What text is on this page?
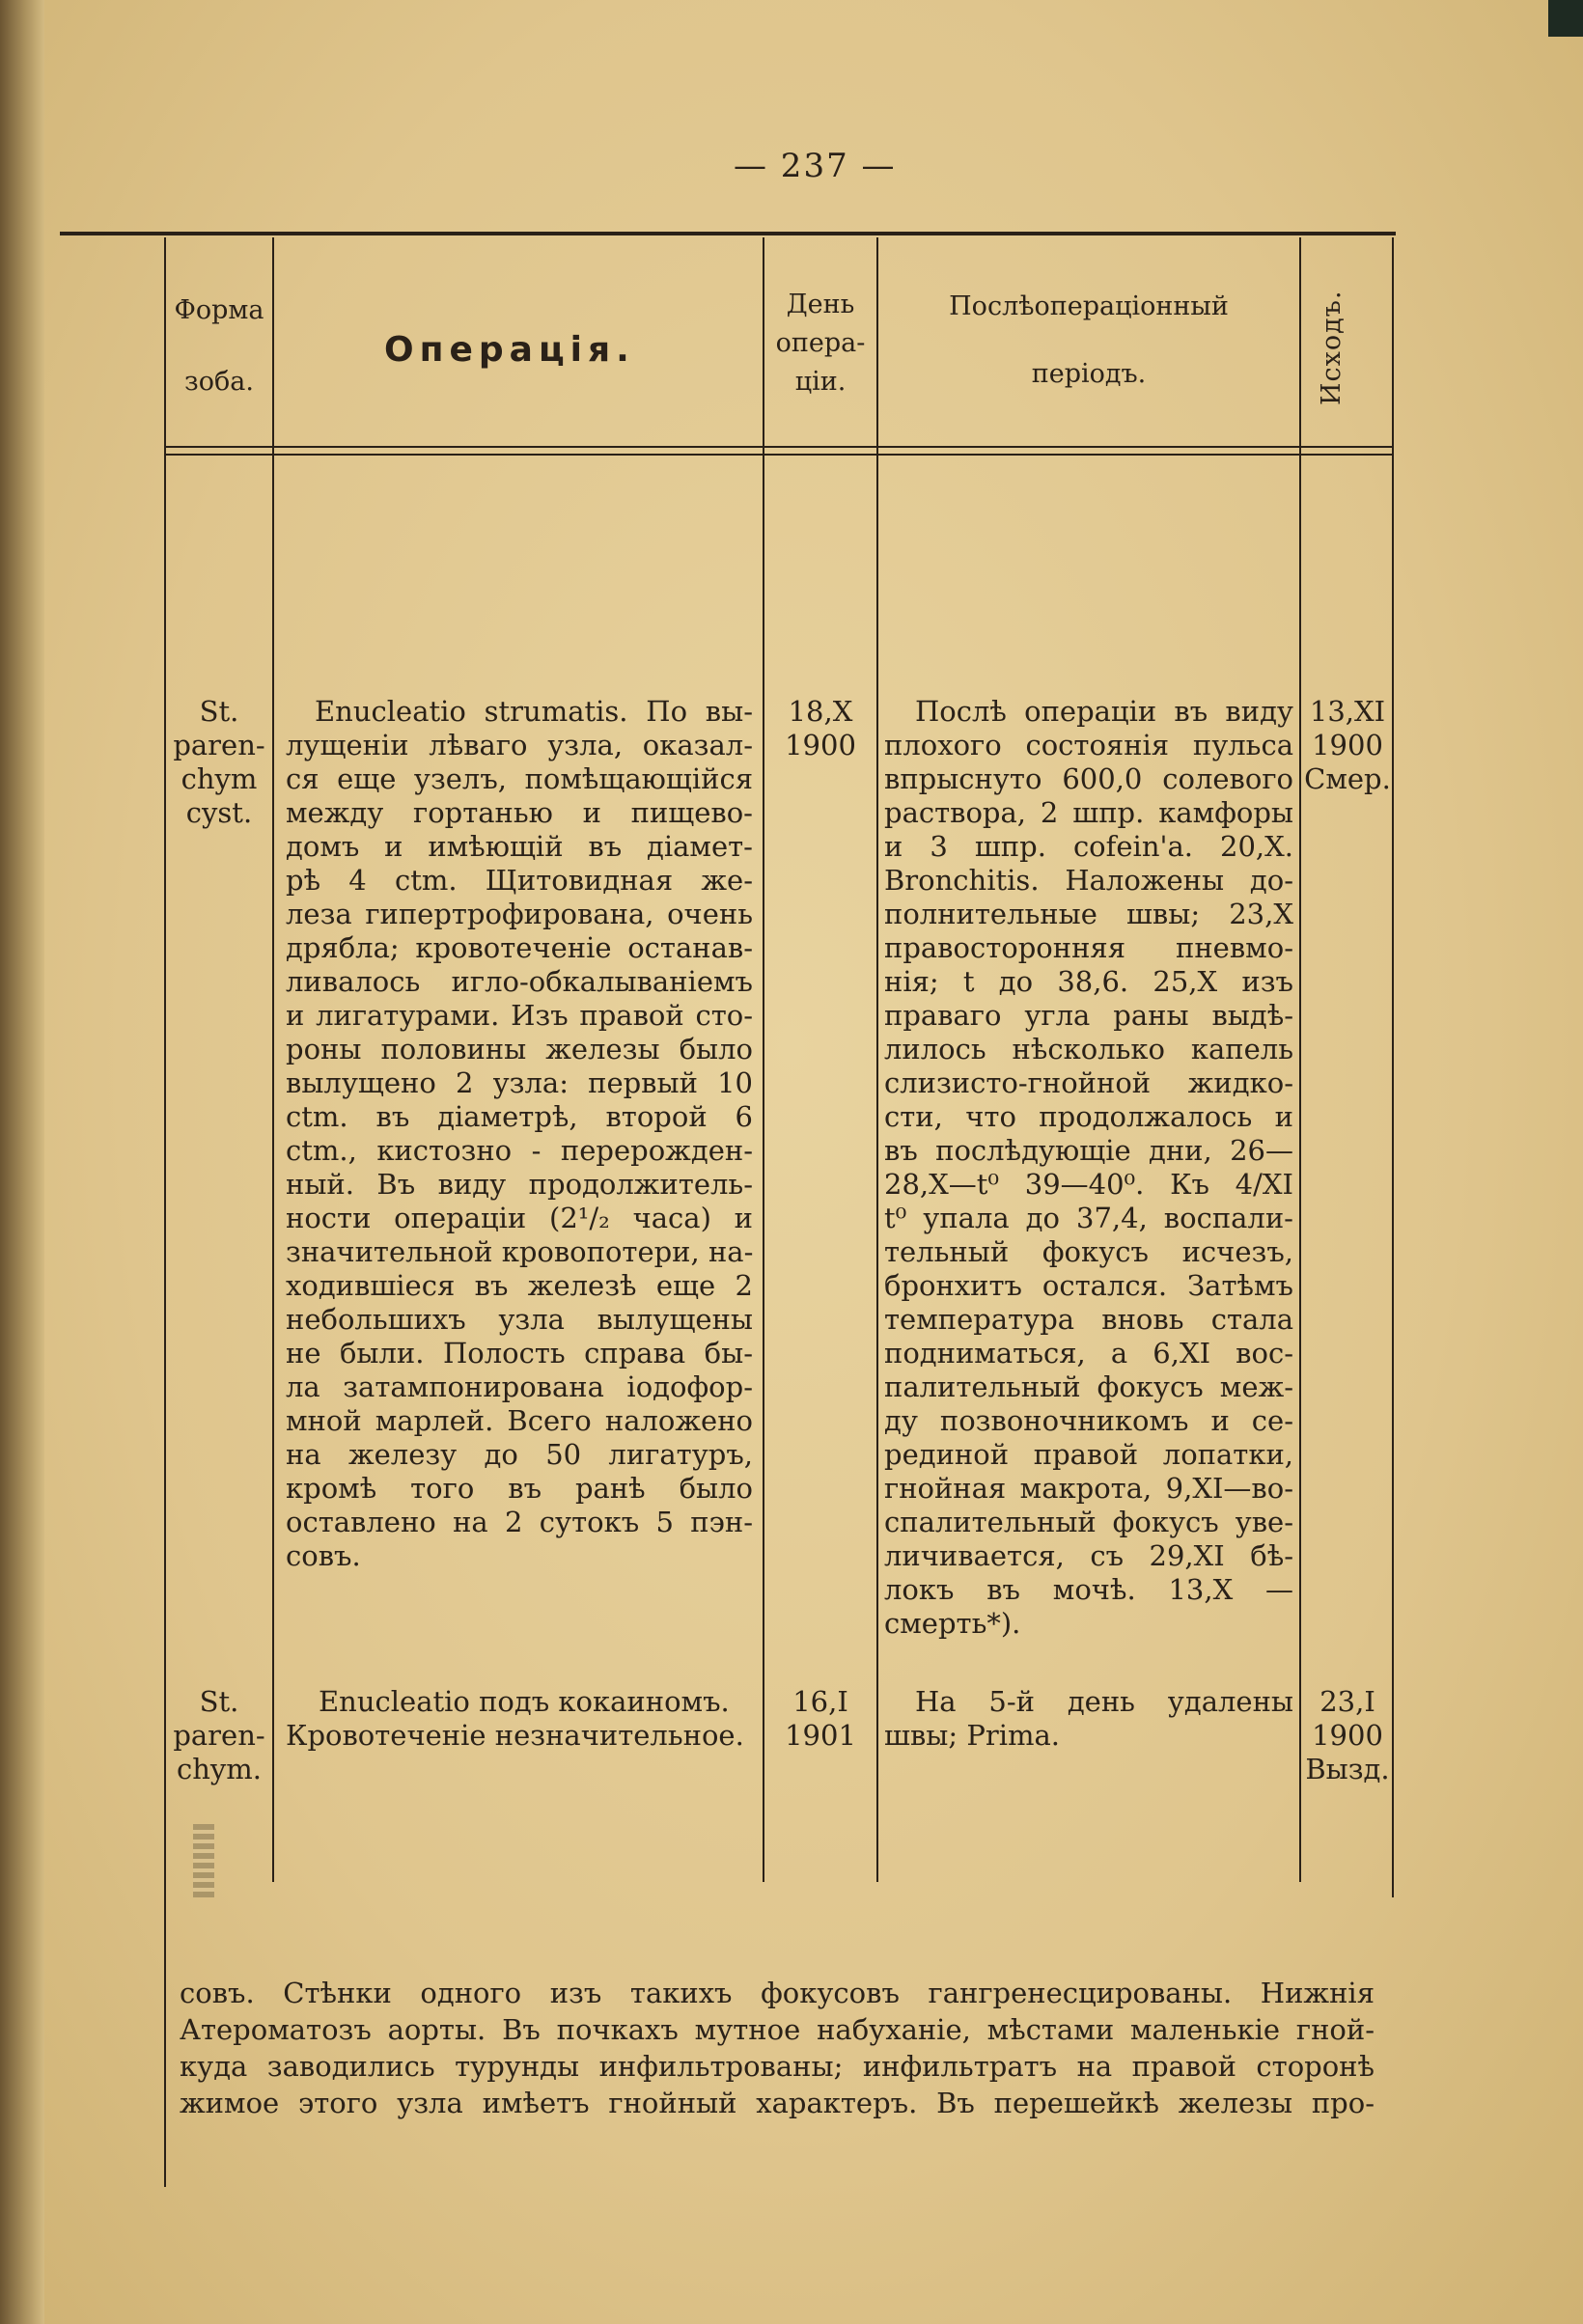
— 237 —
Форма
зоба.
Операція.
День
опера-
ціи.
Послѣопераціонный
періодъ.	Исходъ.
St.
paren-
chym
cyst.
Enucleatio strumatis. По вы-
лущеніи лѣваго узла, оказал-
ся еще узелъ, помѣщающійся
между гортанью и пищево-
домъ и имѣющій въ діамет-
рѣ 4 ctm. Щитовидная же-
леза гипертрофирована, очень
дрябла; кровотеченіе останав-
ливалось игло-обкалываніемъ
и лигатурами. Изъ правой сто-
роны половины железы было
вылущено 2 узла: первый 10
ctm. въ діаметрѣ, второй 6
ctm., кистозно - перерожден-
ный. Въ виду продолжитель-
ности операціи (2¹/₂ часа) и
значительной кровопотери, на-
ходившіеся въ железѣ еще 2
небольшихъ узла вылущены
не были. Полость справа бы-
ла затампонирована іодофор-
мной марлей. Всего наложено
на железу до 50 лигатуръ,
кромѣ того въ ранѣ было
оставлено на 2 сутокъ 5 пэн-
совъ.
18,X
1900
Послѣ операціи въ виду
плохого состоянія пульса
впрыснуто 600,0 солевого
раствора, 2 шпр. камфоры
и 3 шпр. cofein'a. 20,X.
Bronchitis. Наложены до-
полнительные швы; 23,X
правосторонняя пневмо-
нія; t до 38,6. 25,X изъ
праваго угла раны выдѣ-
лилось нѣсколько капель
слизисто-гнойной жидко-
сти, что продолжалось и
въ послѣдующіе дни, 26—
28,X—t⁰ 39—40⁰. Къ 4/XI
t⁰ упала до 37,4, воспали-
тельный фокусъ исчезъ,
бронхитъ остался. Затѣмъ
температура вновь стала
подниматься, а 6,XI вос-
палительный фокусъ меж-
ду позвоночникомъ и се-
рединой правой лопатки,
гнойная макрота, 9,XI—во-
спалительный фокусъ уве-
личивается, съ 29,XI бѣ-
локъ въ мочѣ. 13,X —
смерть*).
13,XI
1900
Смер.
St.
paren-
chym.
Enucleatio подъ кокаиномъ.
Кровотеченіе незначительное.
16,I
1901
На 5-й день удалены
швы; Prima.
23,I
1900
Вызд.
совъ. Стѣнки одного изъ такихъ фокусовъ гангренесцированы. Нижнія
Атероматозъ аорты. Въ почкахъ мутное набуханіе, мѣстами маленькіе гной-
куда заводились турунды инфильтрованы; инфильтратъ на правой сторонѣ
жимое этого узла имѣетъ гнойный характеръ. Въ перешейкѣ железы про-
